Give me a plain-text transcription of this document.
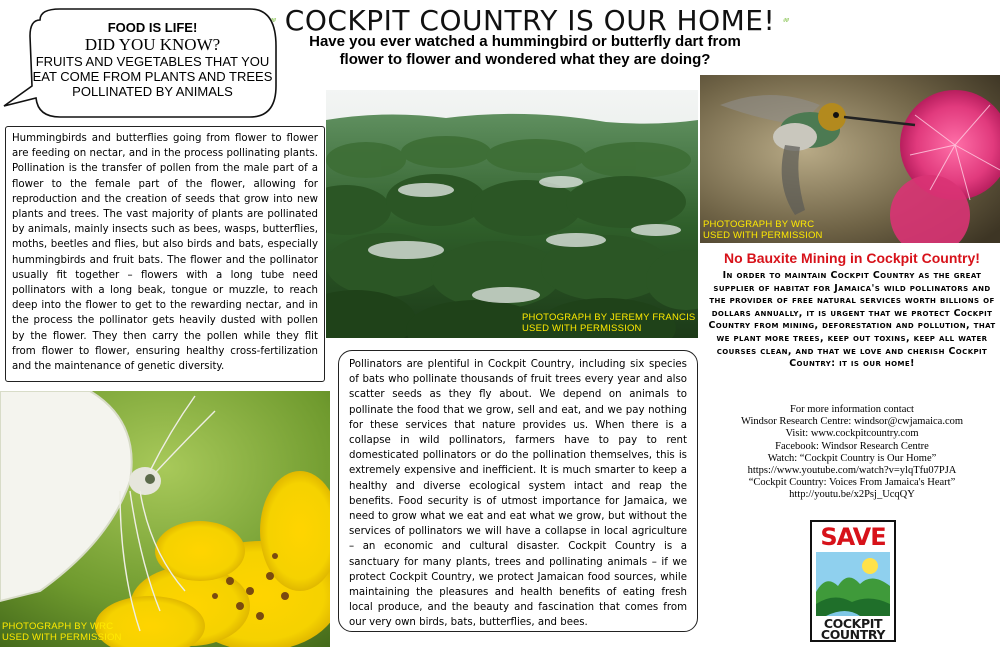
COCKPIT COUNTRY IS OUR HOME!
Have you ever watched a hummingbird or butterfly dart from flower to flower and wondered what they are doing?
FOOD IS LIFE!
DID YOU KNOW?
FRUITS AND VEGETABLES THAT YOU EAT COME FROM PLANTS AND TREES POLLINATED BY ANIMALS
Hummingbirds and butterflies going from flower to flower are feeding on nectar, and in the process pollinating plants. Pollination is the transfer of pollen from the male part of a flower to the female part of the flower, allowing for reproduction and the creation of seeds that grow into new plants and trees. The vast majority of plants are pollinated by animals, mainly insects such as bees, wasps, butterflies, moths, beetles and flies, but also birds and bats, especially hummingbirds and fruit bats. The flower and the pollinator usually fit together – flowers with a long tube need pollinators with a long beak, tongue or muzzle, to reach deep into the flower to get to the rewarding nectar, and in the process the pollinator gets heavily dusted with pollen by the flower. They then carry the pollen while they flit from flower to flower, ensuring healthy cross-fertilization and the maintenance of genetic diversity.
PHOTOGRAPH BY JEREMY FRANCIS
USED WITH PERMISSION
PHOTOGRAPH BY WRC
USED WITH PERMISSION
PHOTOGRAPH BY WRC
USED WITH PERMISSION
Pollinators are plentiful in Cockpit Country, including six species of bats who pollinate thousands of fruit trees every year and also scatter seeds as they fly about. We depend on animals to pollinate the food that we grow, sell and eat, and we pay nothing for these services that nature provides us. When there is a collapse in wild pollinators, farmers have to pay to rent domesticated pollinators or do the pollination themselves, this is extremely expensive and inefficient. It is much smarter to keep a healthy and diverse ecological system intact and reap the benefits. Food security is of utmost importance for Jamaica, we need to grow what we eat and eat what we grow, but without the services of pollinators we will have a collapse in local agriculture – an economic and cultural disaster. Cockpit Country is a sanctuary for many plants, trees and pollinating animals – if we protect Cockpit Country, we protect Jamaican food sources, while maintaining the pleasures and health benefits of eating fresh local produce, and the beauty and fascination that comes from our very own birds, bats, butterflies, and bees.
No Bauxite Mining in Cockpit Country!
In order to maintain Cockpit Country as the great supplier of habitat for Jamaica's wild pollinators and the provider of free natural services worth billions of dollars annually, it is urgent that we protect Cockpit Country from mining, deforestation and pollution, that we plant more trees, keep out toxins, keep all water courses clean, and that we love and cherish Cockpit Country: it is our home!
For more information contact
Windsor Research Centre: windsor@cwjamaica.com
Visit: www.cockpitcountry.com
Facebook: Windsor Research Centre
Watch: “Cockpit Country is Our Home”
https://www.youtube.com/watch?v=ylqTfu07PJA
“Cockpit Country: Voices From Jamaica's Heart”
http://youtu.be/x2Psj_UcqQY
SAVE
COCKPIT
COUNTRY
